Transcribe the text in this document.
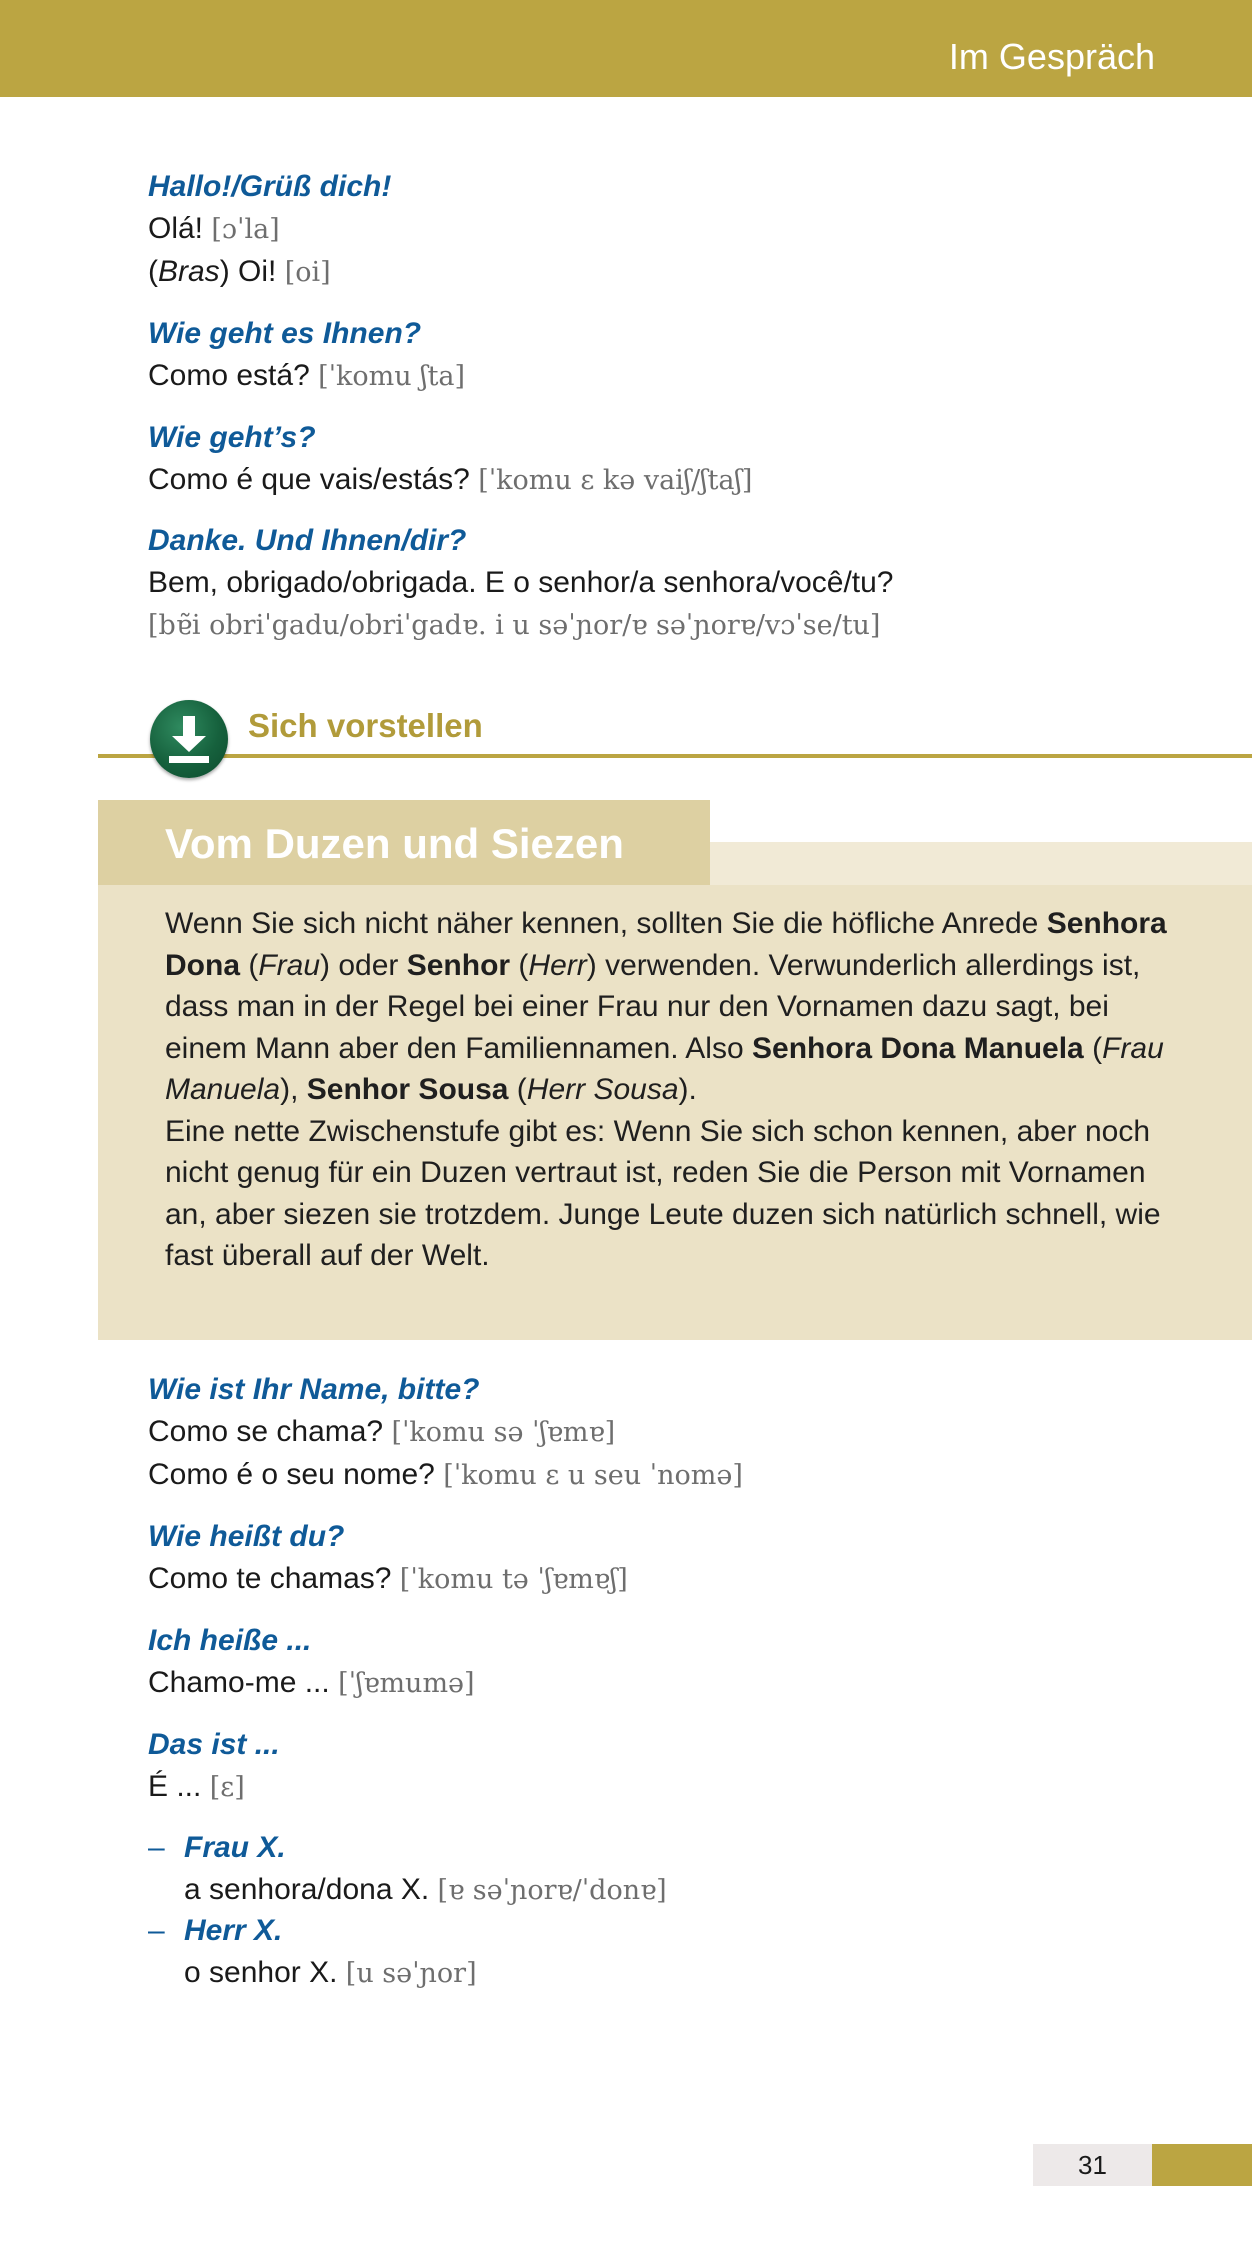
Im Gespräch
Hallo!/Grüß dich!
Olá! [ɔˈla]
(Bras) Oi! [oi]
Wie geht es Ihnen?
Como está? [ˈkomu ʃta]
Wie geht’s?
Como é que vais/estás? [ˈkomu ɛ kə vaiʃ/ʃtaʃ]
Danke. Und Ihnen/dir?
Bem, obrigado/obrigada. E o senhor/a senhora/você/tu?
[bɐ̃i obriˈgadu/obriˈgadɐ. i u səˈɲor/ɐ səˈɲorɐ/vɔˈse/tu]
Sich vorstellen
Vom Duzen und Siezen
Wenn Sie sich nicht näher kennen, sollten Sie die höfliche Anrede Senhora Dona (Frau) oder Senhor (Herr) verwenden. Verwunderlich allerdings ist, dass man in der Regel bei einer Frau nur den Vornamen dazu sagt, bei einem Mann aber den Familiennamen. Also Senhora Dona Manuela (Frau Manuela), Senhor Sousa (Herr Sousa).
Eine nette Zwischenstufe gibt es: Wenn Sie sich schon kennen, aber noch nicht genug für ein Duzen vertraut ist, reden Sie die Person mit Vornamen an, aber siezen sie trotzdem. Junge Leute duzen sich natürlich schnell, wie fast überall auf der Welt.
Wie ist Ihr Name, bitte?
Como se chama? [ˈkomu sə ˈʃɐmɐ]
Como é o seu nome? [ˈkomu ɛ u seu ˈnomə]
Wie heißt du?
Como te chamas? [ˈkomu tə ˈʃɐmɐʃ]
Ich heiße ...
Chamo-me ... [ˈʃɐmumə]
Das ist ...
É ... [ɛ]
– Frau X.
a senhora/dona X. [ɐ səˈɲorɐ/ˈdonɐ]
– Herr X.
o senhor X. [u səˈɲor]
31
